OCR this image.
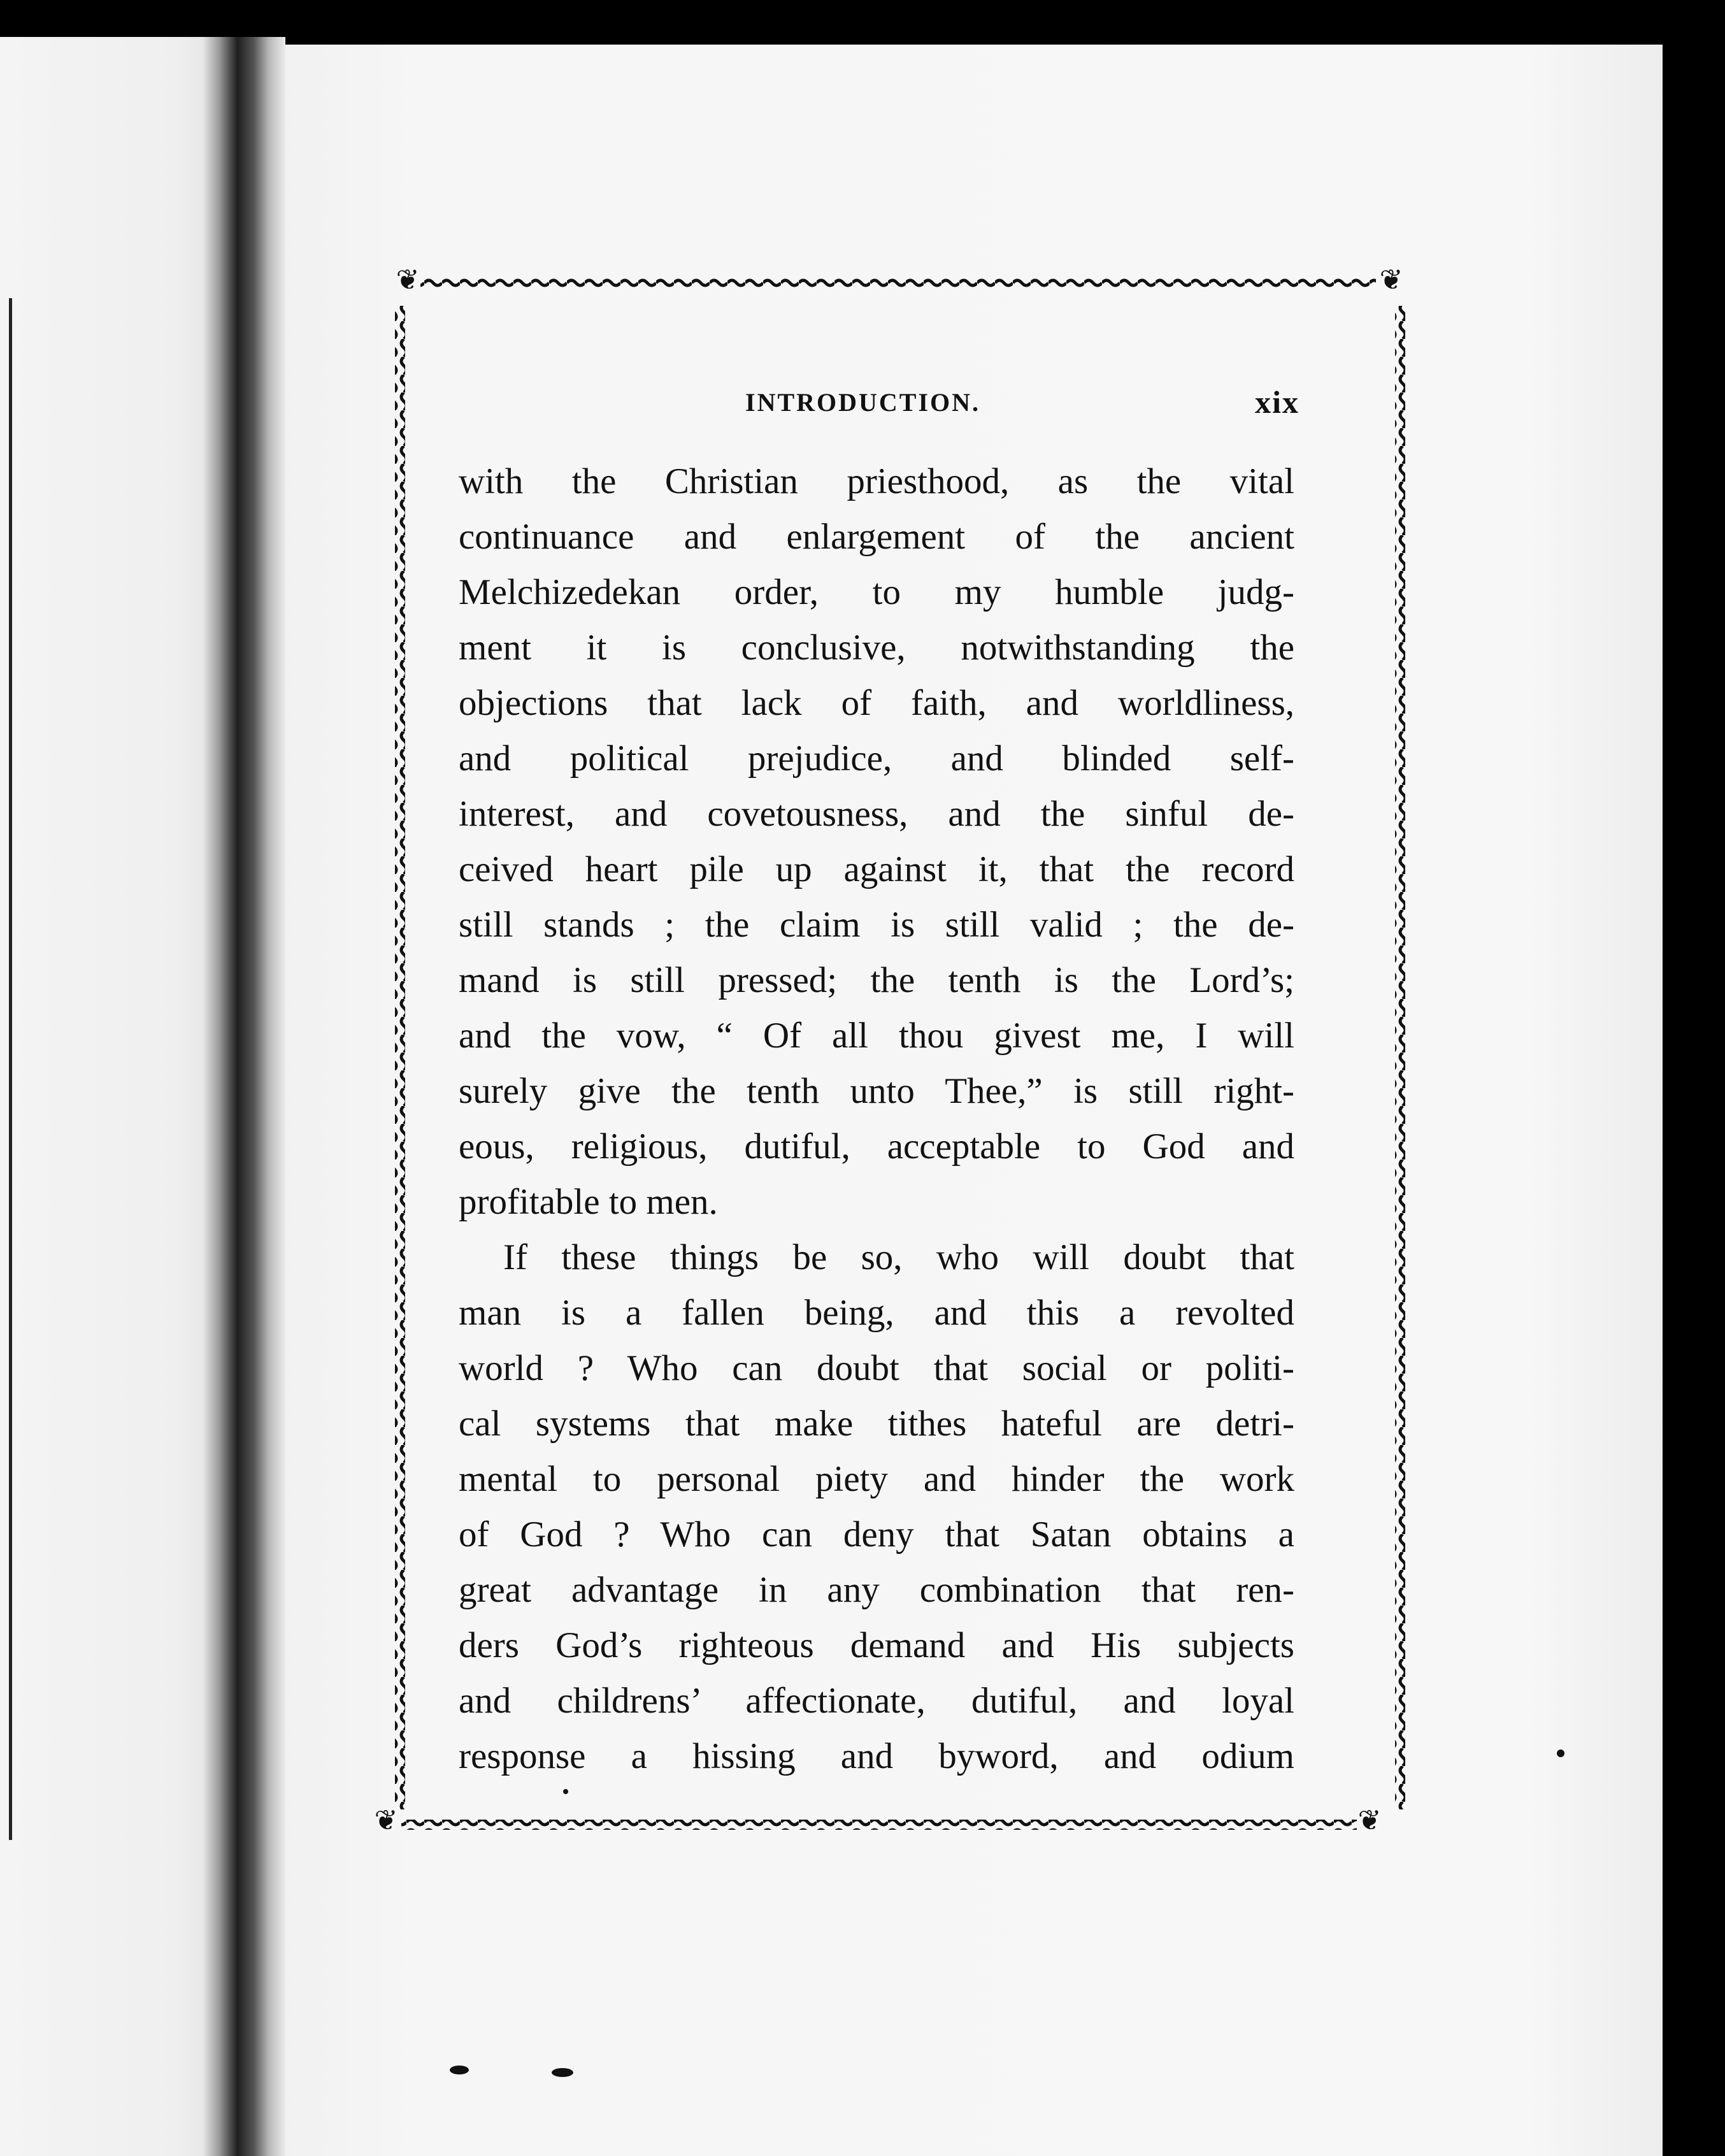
❦	❦
❦	❦
INTRODUCTION.	xix
with the Christian priesthood, as the vital
continuance and enlargement of the ancient
Melchizedekan order, to my humble judg-
ment it is conclusive, notwithstanding the
objections that lack of faith, and worldliness,
and political prejudice, and blinded self-
interest, and covetousness, and the sinful de-
ceived heart pile up against it, that the record
still stands ; the claim is still valid ; the de-
mand is still pressed; the tenth is the Lord’s;
and the vow, “ Of all thou givest me, I will
surely give the tenth unto Thee,” is still right-
eous, religious, dutiful, acceptable to God and
profitable to men.
If these things be so, who will doubt that
man is a fallen being, and this a revolted
world ? Who can doubt that social or politi-
cal systems that make tithes hateful are detri-
mental to personal piety and hinder the work
of God ? Who can deny that Satan obtains a
great advantage in any combination that ren-
ders God’s righteous demand and His subjects
and childrens’ affectionate, dutiful, and loyal
response a hissing and byword, and odium
